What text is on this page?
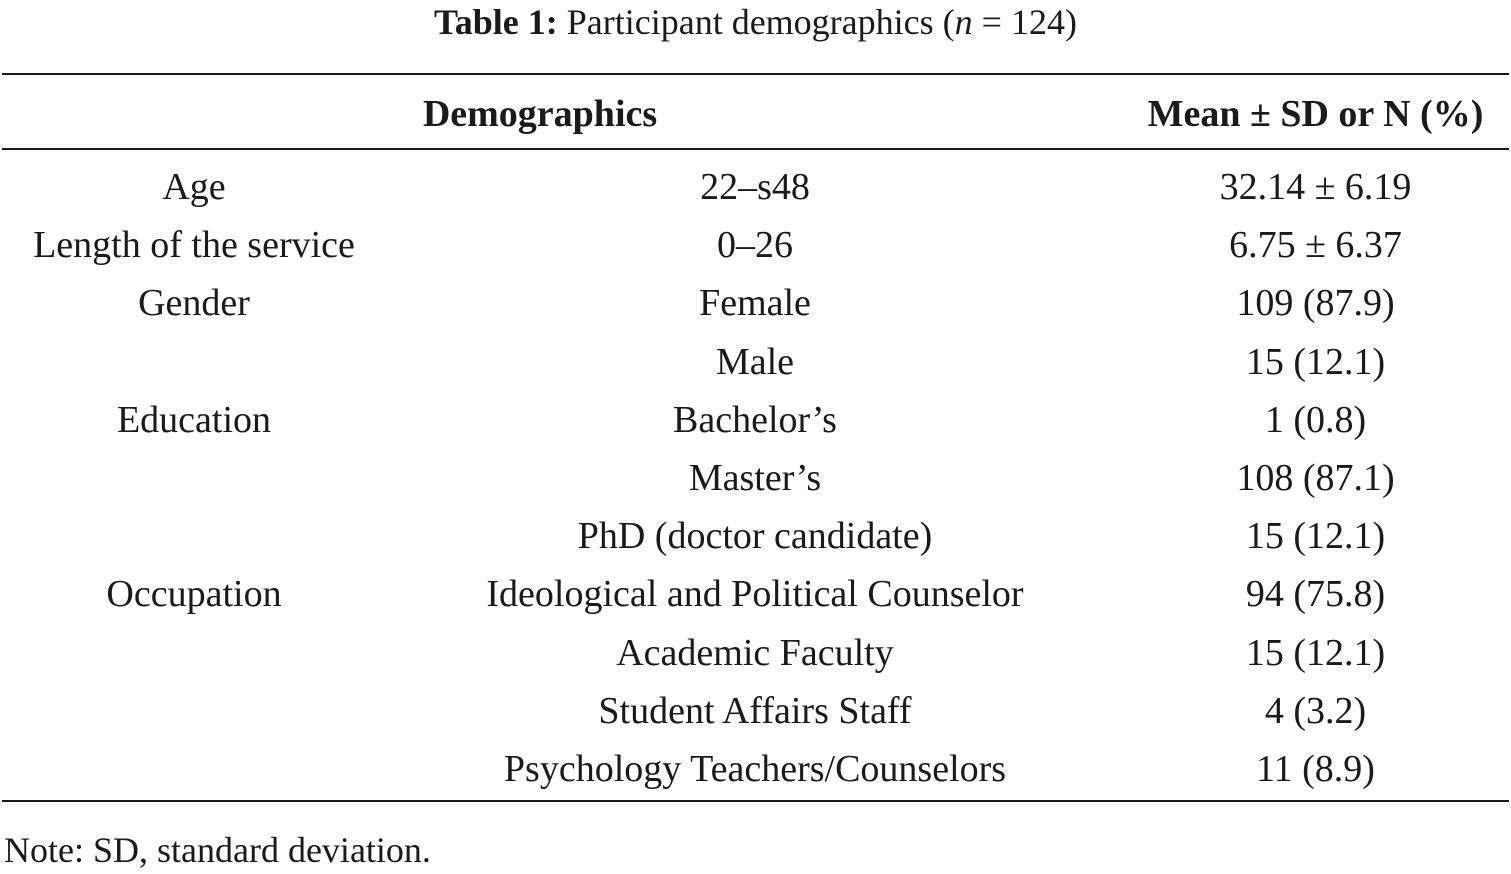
Table 1: Participant demographics (n = 124)
Demographics	Mean ± SD or N (%)
Age	22–s48	32.14 ± 6.19
Length of the service	0–26	6.75 ± 6.37
Gender	Female	109 (87.9)
Male	15 (12.1)
Education	Bachelor’s	1 (0.8)
Master’s	108 (87.1)
PhD (doctor candidate)	15 (12.1)
Occupation	Ideological and Political Counselor	94 (75.8)
Academic Faculty	15 (12.1)
Student Affairs Staff	4 (3.2)
Psychology Teachers/Counselors	11 (8.9)
Note: SD, standard deviation.
